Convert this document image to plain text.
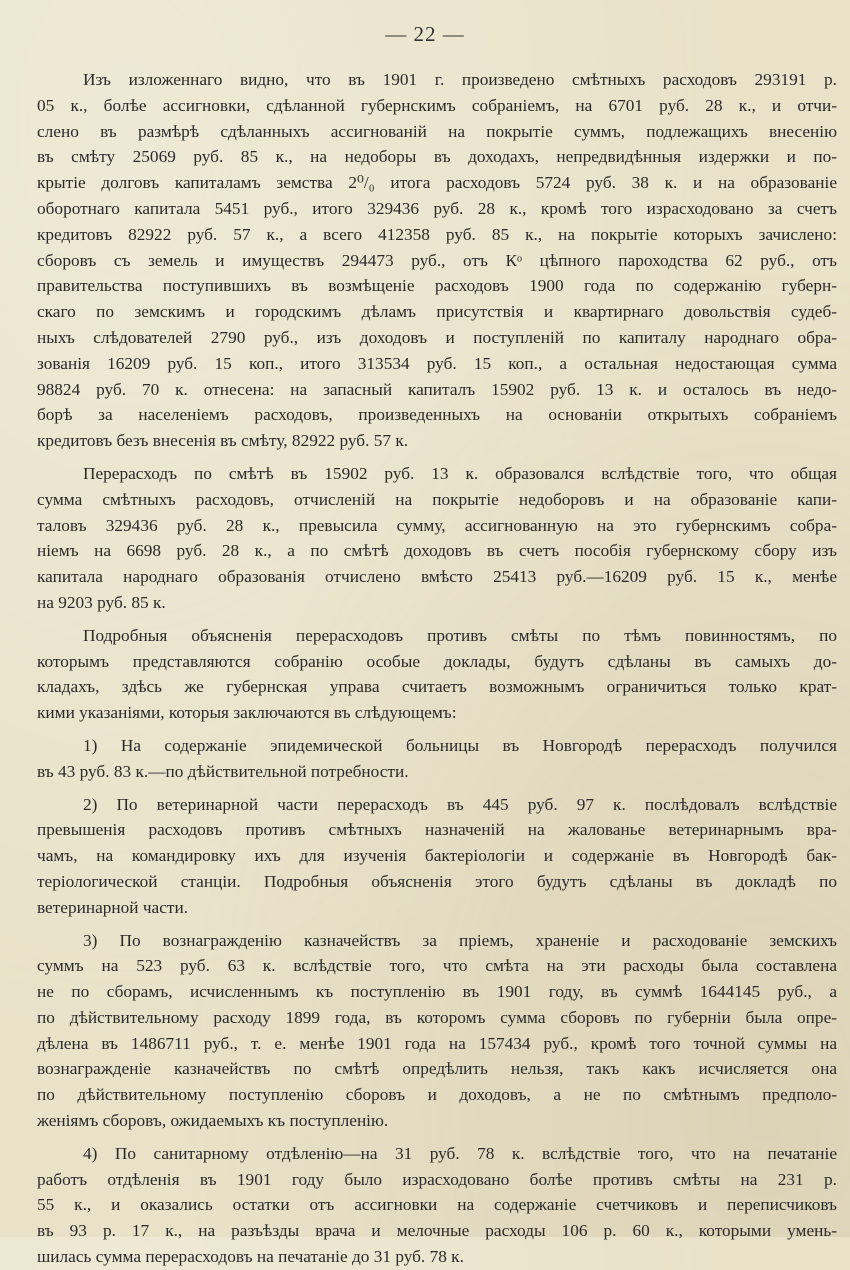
— 22 —
Изъ изложеннаго видно, что въ 1901 г. произведено смѣтныхъ расходовъ 293191 р.
05 к., болѣе ассигновки, сдѣланной губернскимъ собраніемъ, на 6701 руб. 28 к., и отчи-
слено въ размѣрѣ сдѣланныхъ ассигнованій на покрытіе суммъ, подлежащихъ внесенію
въ смѣту 25069 руб. 85 к., на недоборы въ доходахъ, непредвидѣнныя издержки и по-
крытіе долговъ капиталамъ земства 2⁰/₀ итога расходовъ 5724 руб. 38 к. и на образованіе
оборотнаго капитала 5451 руб., итого 329436 руб. 28 к., кромѣ того израсходовано за счетъ
кредитовъ 82922 руб. 57 к., а всего 412358 руб. 85 к., на покрытіе которыхъ зачислено:
сборовъ съ земель и имуществъ 294473 руб., отъ Кᵒ цѣпного пароходства 62 руб., отъ
правительства поступившихъ въ возмѣщеніе расходовъ 1900 года по содержанію губерн-
скаго по земскимъ и городскимъ дѣламъ присутствія и квартирнаго довольствія судеб-
ныхъ слѣдователей 2790 руб., изъ доходовъ и поступленій по капиталу народнаго обра-
зованія 16209 руб. 15 коп., итого 313534 руб. 15 коп., а остальная недостающая сумма
98824 руб. 70 к. отнесена: на запасный капиталъ 15902 руб. 13 к. и осталось въ недо-
борѣ за населеніемъ расходовъ, произведенныхъ на основаніи открытыхъ собраніемъ
кредитовъ безъ внесенія въ смѣту, 82922 руб. 57 к.
Перерасходъ по смѣтѣ въ 15902 руб. 13 к. образовался вслѣдствіе того, что общая
сумма смѣтныхъ расходовъ, отчисленій на покрытіе недоборовъ и на образованіе капи-
таловъ 329436 руб. 28 к., превысила сумму, ассигнованную на это губернскимъ собра-
ніемъ на 6698 руб. 28 к., а по смѣтѣ доходовъ въ счетъ пособія губернскому сбору изъ
капитала народнаго образованія отчислено вмѣсто 25413 руб.—16209 руб. 15 к., менѣе
на 9203 руб. 85 к.
Подробныя объясненія перерасходовъ противъ смѣты по тѣмъ повинностямъ, по
которымъ представляются собранію особые доклады, будутъ сдѣланы въ самыхъ до-
кладахъ, здѣсь же губернская управа считаетъ возможнымъ ограничиться только крат-
кими указаніями, которыя заключаются въ слѣдующемъ:
1) На содержаніе эпидемической больницы въ Новгородѣ перерасходъ получился
въ 43 руб. 83 к.—по дѣйствительной потребности.
2) По ветеринарной части перерасходъ въ 445 руб. 97 к. послѣдовалъ вслѣдствіе
превышенія расходовъ противъ смѣтныхъ назначеній на жалованье ветеринарнымъ вра-
чамъ, на командировку ихъ для изученія бактеріологіи и содержаніе въ Новгородѣ бак-
теріологической станціи. Подробныя объясненія этого будутъ сдѣланы въ докладѣ по
ветеринарной части.
3) По вознагражденію казначействъ за пріемъ, храненіе и расходованіе земскихъ
суммъ на 523 руб. 63 к. вслѣдствіе того, что смѣта на эти расходы была составлена
не по сборамъ, исчисленнымъ къ поступленію въ 1901 году, въ суммѣ 1644145 руб., а
по дѣйствительному расходу 1899 года, въ которомъ сумма сборовъ по губерніи была опре-
дѣлена въ 1486711 руб., т. е. менѣе 1901 года на 157434 руб., кромѣ того точной суммы на
вознагражденіе казначействъ по смѣтѣ опредѣлить нельзя, такъ какъ исчисляется она
по дѣйствительному поступленію сборовъ и доходовъ, а не по смѣтнымъ предполо-
женіямъ сборовъ, ожидаемыхъ къ поступленію.
4) По санитарному отдѣленію—на 31 руб. 78 к. вслѣдствіе того, что на печатаніе
работъ отдѣленія въ 1901 году было израсходовано болѣе противъ смѣты на 231 р.
55 к., и оказались остатки отъ ассигновки на содержаніе счетчиковъ и переписчиковъ
въ 93 р. 17 к., на разъѣзды врача и мелочные расходы 106 р. 60 к., которыми умень-
шилась сумма перерасходовъ на печатаніе до 31 руб. 78 к.
